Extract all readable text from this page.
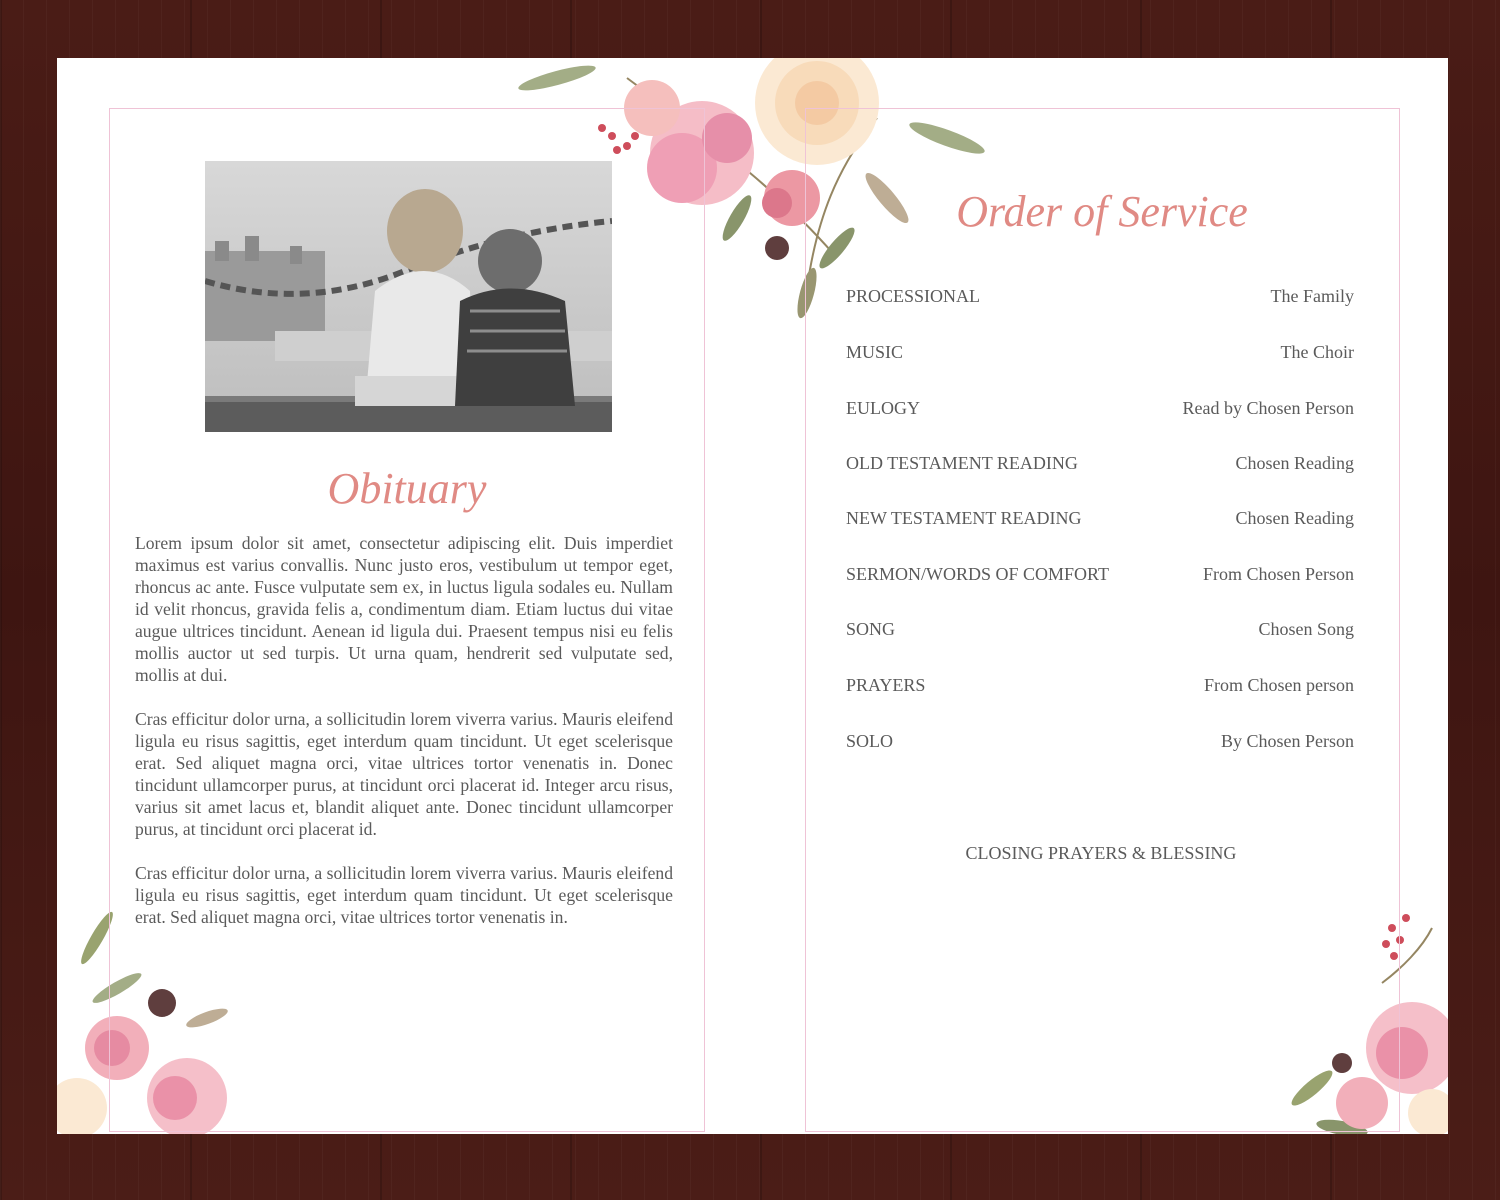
Obituary

Lorem ipsum dolor sit amet, consectetur adipiscing elit. Duis imperdiet maximus est varius convallis. Nunc justo eros, vestibulum ut tempor eget, rhoncus ac ante. Fusce vulputate sem ex, in luctus ligula sodales eu. Nullam id velit rhoncus, gravida felis a, condimentum diam. Etiam luctus dui vitae augue ultrices tincidunt. Aenean id ligula dui. Praesent tempus nisi eu felis mollis auctor ut sed turpis. Ut urna quam, hendrerit sed vulputate sed, mollis at dui.

Cras efficitur dolor urna, a sollicitudin lorem viverra varius. Mauris eleifend ligula eu risus sagittis, eget interdum quam tincidunt. Ut eget scelerisque erat. Sed aliquet magna orci, vitae ultrices tortor venenatis in. Donec tincidunt ullamcorper purus, at tincidunt orci placerat id. Integer arcu risus, varius sit amet lacus et, blandit aliquet ante. Donec tincidunt ullamcorper purus, at tincidunt orci placerat id.

Cras efficitur dolor urna, a sollicitudin lorem viverra varius. Mauris eleifend ligula eu risus sagittis, eget interdum quam tincidunt. Ut eget scelerisque erat. Sed aliquet magna orci, vitae ultrices tortor venenatis in.

Order of Service
PROCESSIONAL	The Family
MUSIC	The Choir
EULOGY	Read by Chosen Person
OLD TESTAMENT READING	Chosen Reading
NEW TESTAMENT READING	Chosen Reading
SERMON/WORDS OF COMFORT	From Chosen Person
SONG	Chosen Song
PRAYERS	From Chosen person
SOLO	By Chosen Person
CLOSING PRAYERS & BLESSING
